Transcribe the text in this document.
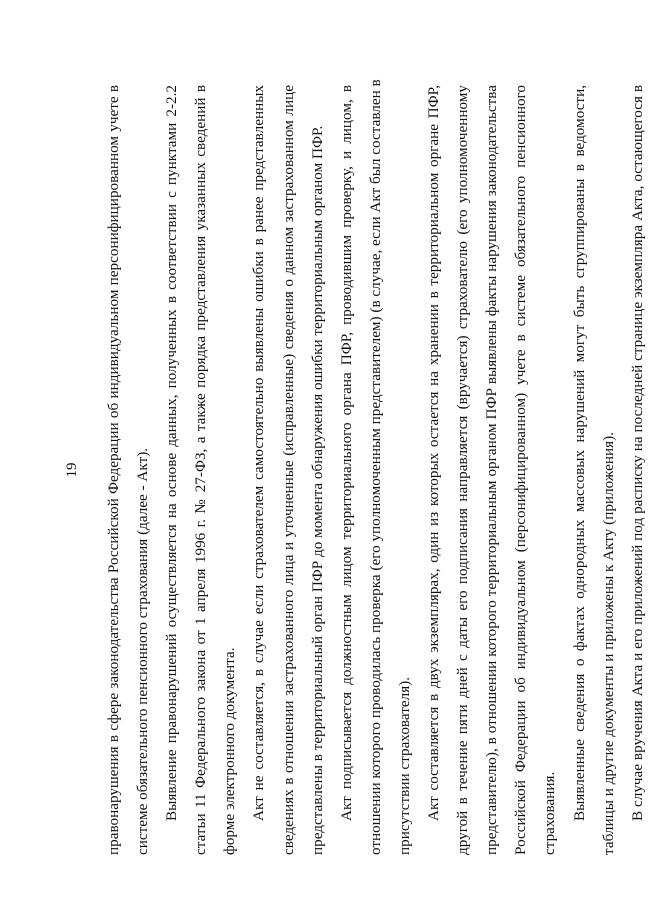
19	правонарушения в сфере законодательства Российской Федерации об индивидуальном персонифицированном учете в системе обязательного пенсионного страхования (далее - Акт). Выявление правонарушений осуществляется на основе данных, полученных в соответствии с пунктами 2-2.2 статьи 11 Федерального закона от 1 апреля 1996 г. № 27-ФЗ, а также порядка представления указанных сведений в форме электронного документа. Акт не составляется, в случае если страхователем самостоятельно выявлены ошибки в ранее представленных сведениях в отношении застрахованного лица и уточненные (исправленные) сведения о данном застрахованном лице представлены в территориальный орган ПФР до момента обнаружения ошибки территориальным органом ПФР. Акт подписывается должностным лицом территориального органа ПФР, проводившим проверку, и лицом, в отношении которого проводилась проверка (его уполномоченным представителем) (в случае, если Акт был составлен в присутствии страхователя). Акт составляется в двух экземплярах, один из которых остается на хранении в территориальном органе ПФР, другой в течение пяти дней с даты его подписания направляется (вручается) страхователю (его уполномоченному представителю), в отношении которого территориальным органом ПФР выявлены факты нарушения законодательства Российской Федерации об индивидуальном (персонифицированном) учете в системе обязательного пенсионного страхования. Выявленные сведения о фактах однородных массовых нарушений могут быть сгруппированы в ведомости, таблицы и другие документы и приложены к Акту (приложения). В случае вручения Акта и его приложений под расписку на последней странице экземпляра Акта, остающегося в
